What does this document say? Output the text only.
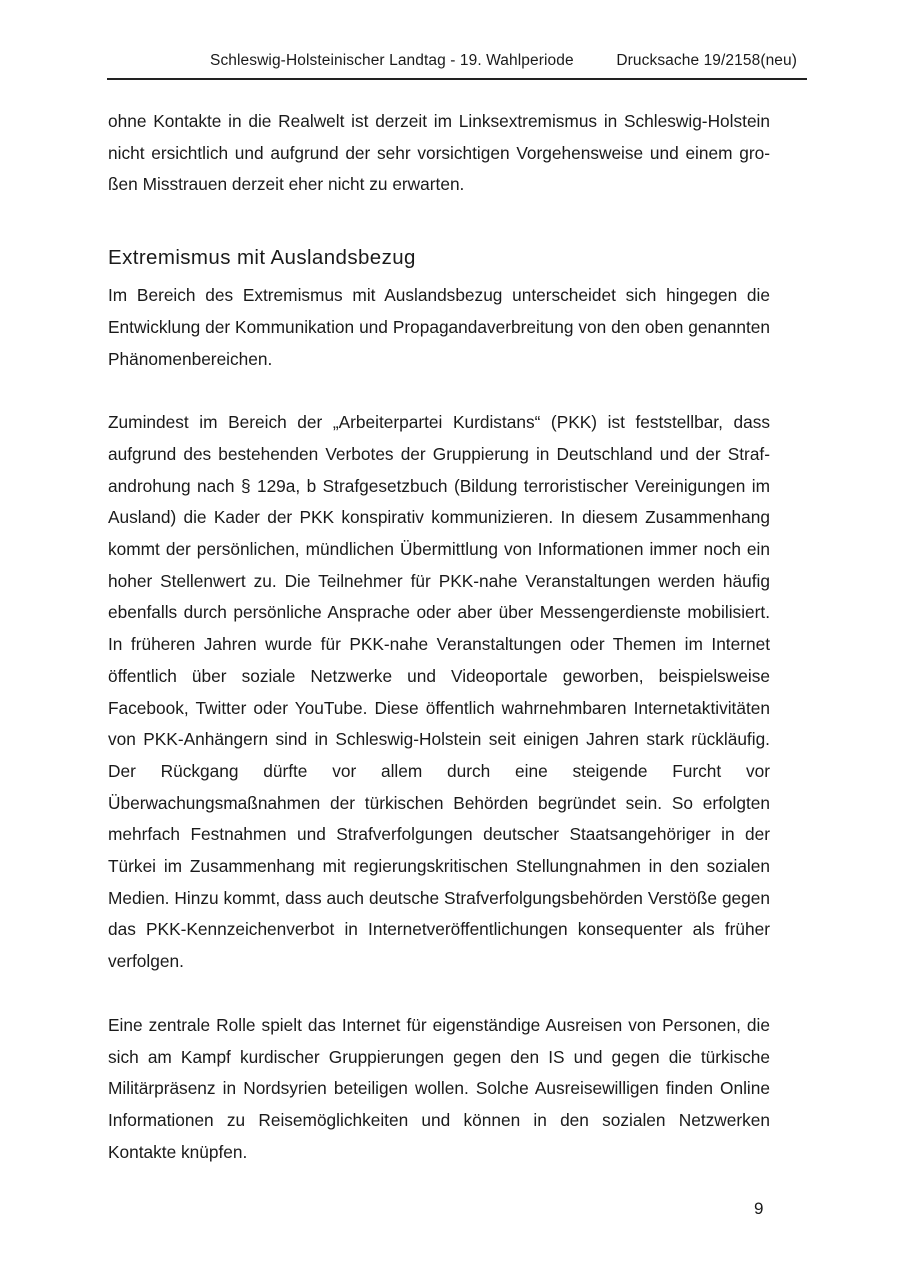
Schleswig-Holsteinischer Landtag - 19. Wahlperiode	Drucksache 19/2158(neu)

ohne Kontakte in die Realwelt ist derzeit im Linksextremismus in Schleswig-Holstein nicht ersichtlich und aufgrund der sehr vorsichtigen Vorgehensweise und einem großen Misstrauen derzeit eher nicht zu erwarten.

Extremismus mit Auslandsbezug

Im Bereich des Extremismus mit Auslandsbezug unterscheidet sich hingegen die Entwicklung der Kommunikation und Propagandaverbreitung von den oben genannten Phänomenbereichen.

Zumindest im Bereich der „Arbeiterpartei Kurdistans“ (PKK) ist feststellbar, dass aufgrund des bestehenden Verbotes der Gruppierung in Deutschland und der Strafandrohung nach § 129a, b Strafgesetzbuch (Bildung terroristischer Vereinigungen im Ausland) die Kader der PKK konspirativ kommunizieren. In diesem Zusammenhang kommt der persönlichen, mündlichen Übermittlung von Informationen immer noch ein hoher Stellenwert zu. Die Teilnehmer für PKK-nahe Veranstaltungen werden häufig ebenfalls durch persönliche Ansprache oder aber über Messengerdienste mobilisiert. In früheren Jahren wurde für PKK-nahe Veranstaltungen oder Themen im Internet öffentlich über soziale Netzwerke und Videoportale geworben, beispielsweise Facebook, Twitter oder YouTube. Diese öffentlich wahrnehmbaren Internetaktivitäten von PKK-Anhängern sind in Schleswig-Holstein seit einigen Jahren stark rückläufig. Der Rückgang dürfte vor allem durch eine steigende Furcht vor Überwachungsmaßnahmen der türkischen Behörden begründet sein. So erfolgten mehrfach Festnahmen und Strafverfolgungen deutscher Staatsangehöriger in der Türkei im Zusammenhang mit regierungskritischen Stellungnahmen in den sozialen Medien. Hinzu kommt, dass auch deutsche Strafverfolgungsbehörden Verstöße gegen das PKK-Kennzeichenverbot in Internetveröffentlichungen konsequenter als früher verfolgen.

Eine zentrale Rolle spielt das Internet für eigenständige Ausreisen von Personen, die sich am Kampf kurdischer Gruppierungen gegen den IS und gegen die türkische Militärpräsenz in Nordsyrien beteiligen wollen. Solche Ausreisewilligen finden Online Informationen zu Reisemöglichkeiten und können in den sozialen Netzwerken Kontakte knüpfen.

9
